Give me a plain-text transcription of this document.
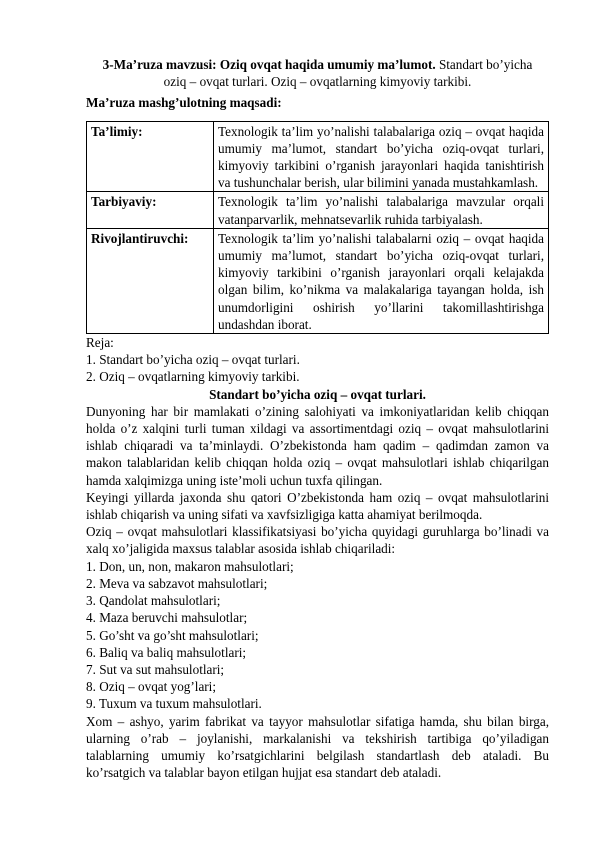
3-Ma’ruza mavzusi: Oziq ovqat haqida umumiy ma’lumot. Standart bo’yicha

oziq – ovqat turlari. Oziq – ovqatlarning kimyoviy tarkibi.

Ma’ruza mashg’ulotning maqsadi:

Ta’limiy:	Texnologik ta’lim yo’nalishi talabalariga oziq – ovqat haqida umumiy ma’lumot, standart bo’yicha oziq-ovqat turlari, kimyoviy tarkibini o’rganish jarayonlari haqida tanishtirish va tushunchalar berish, ular bilimini yanada mustahkamlash.
Tarbiyaviy:	Texnologik ta’lim yo’nalishi talabalariga mavzular orqali vatanparvarlik, mehnatsevarlik ruhida tarbiyalash.
Rivojlantiruvchi:	Texnologik ta’lim yo’nalishi talabalarni oziq – ovqat haqida umumiy ma’lumot, standart bo’yicha oziq-ovqat turlari, kimyoviy tarkibini o’rganish jarayonlari orqali kelajakda olgan bilim, ko’nikma va malakalariga tayangan holda, ish unumdorligini oshirish yo’llarini takomillashtirishga undashdan iborat.

Reja:

1. Standart bo’yicha oziq – ovqat turlari.

2. Oziq – ovqatlarning kimyoviy tarkibi.

Standart bo’yicha oziq – ovqat turlari.

Dunyoning har bir mamlakati o’zining salohiyati va imkoniyatlaridan kelib chiqqan holda o’z xalqini turli tuman xildagi va assortimentdagi oziq – ovqat mahsulotlarini ishlab chiqaradi va ta’minlaydi. O’zbekistonda ham qadim – qadimdan zamon va makon talablaridan kelib chiqqan holda oziq – ovqat mahsulotlari ishlab chiqarilgan hamda xalqimizga uning iste’moli uchun tuxfa qilingan.

Keyingi yillarda jaxonda shu qatori O’zbekistonda ham oziq – ovqat mahsulotlarini ishlab chiqarish va uning sifati va xavfsizligiga katta ahamiyat berilmoqda.

Oziq – ovqat mahsulotlari klassifikatsiyasi bo’yicha quyidagi guruhlarga bo’linadi va xalq xo’jaligida maxsus talablar asosida ishlab chiqariladi:

1. Don, un, non, makaron mahsulotlari;

2. Meva va sabzavot mahsulotlari;

3. Qandolat mahsulotlari;

4. Maza beruvchi mahsulotlar;

5. Go’sht va go’sht mahsulotlari;

6. Baliq va baliq mahsulotlari;

7. Sut va sut mahsulotlari;

8. Oziq – ovqat yog’lari;

9. Tuxum va tuxum mahsulotlari.

Xom – ashyo, yarim fabrikat va tayyor mahsulotlar sifatiga hamda, shu bilan birga, ularning o’rab – joylanishi, markalanishi va tekshirish tartibiga qo’yiladigan talablarning umumiy ko’rsatgichlarini belgilash standartlash deb ataladi. Bu ko’rsatgich va talablar bayon etilgan hujjat esa standart deb ataladi.
